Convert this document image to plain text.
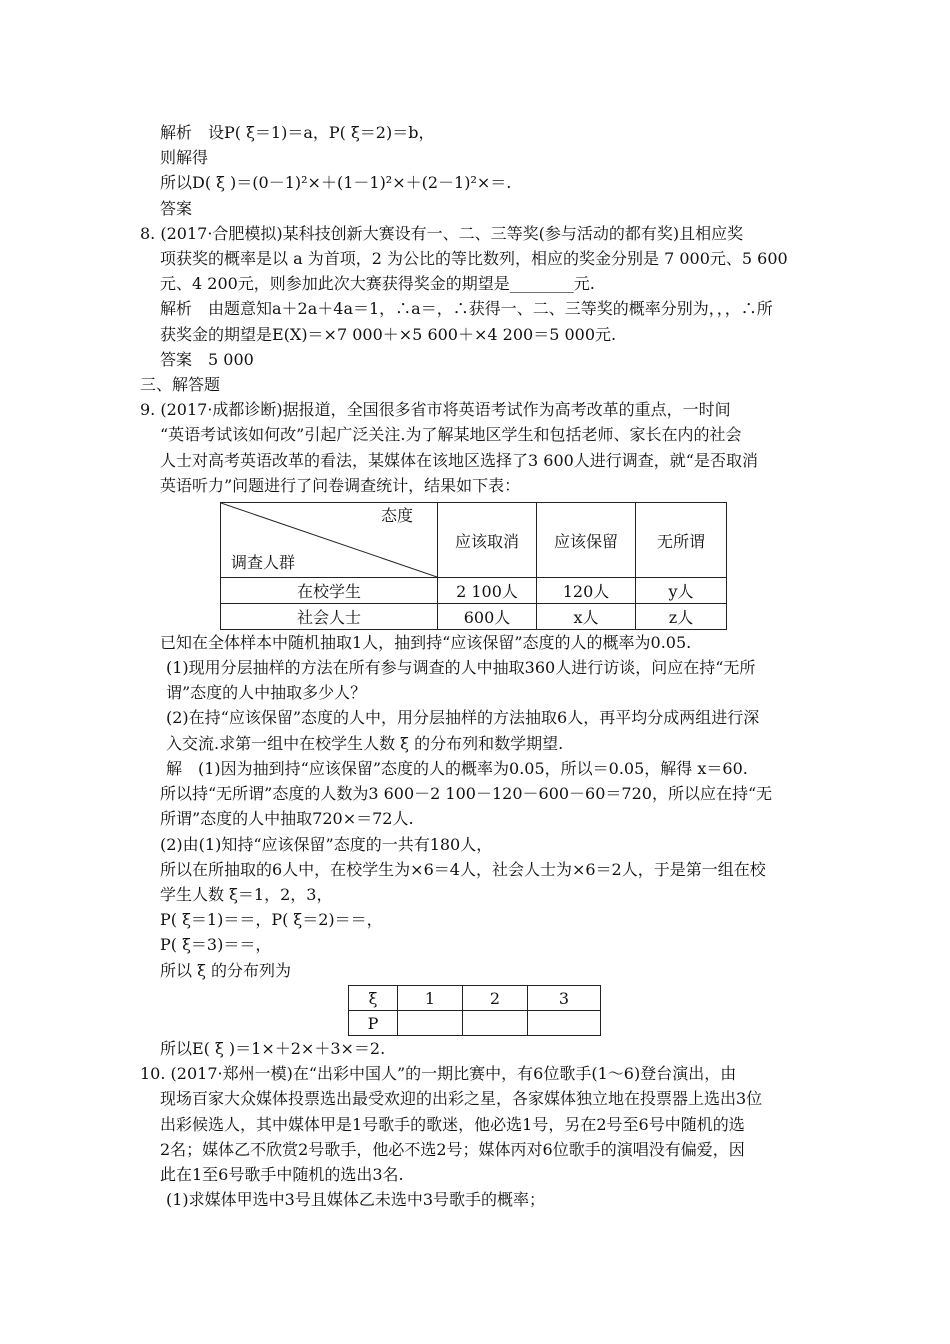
解析　设P( ξ＝1)＝a，P( ξ＝2)＝b，
则解得
所以D( ξ )＝(0－1)²×＋(1－1)²×＋(2－1)²×＝.
答案
8. (2017·合肥模拟)某科技创新大赛设有一、二、三等奖(参与活动的都有奖)且相应奖
项获奖的概率是以 a 为首项，2 为公比的等比数列，相应的奖金分别是 7 000元、5 600
元、4 200元，则参加此次大赛获得奖金的期望是________元.
解析　由题意知a＋2a＋4a＝1，∴a＝，∴获得一、二、三等奖的概率分别为，，，∴所
获奖金的期望是E(X)＝×7 000＋×5 600＋×4 200＝5 000元.
答案　5 000
三、解答题
9. (2017·成都诊断)据报道，全国很多省市将英语考试作为高考改革的重点，一时间
“英语考试该如何改”引起广泛关注.为了解某地区学生和包括老师、家长在内的社会
人士对高考英语改革的看法，某媒体在该地区选择了3 600人进行调查，就“是否取消
英语听力”问题进行了问卷调查统计，结果如下表：
态度
调查人群	应该取消	应该保留	无所谓
在校学生	2 100人	120人	y人
社会人士	600人	x人	z人
已知在全体样本中随机抽取1人，抽到持“应该保留”态度的人的概率为0.05.
(1)现用分层抽样的方法在所有参与调查的人中抽取360人进行访谈，问应在持“无所
谓”态度的人中抽取多少人？
(2)在持“应该保留”态度的人中，用分层抽样的方法抽取6人，再平均分成两组进行深
入交流.求第一组中在校学生人数 ξ 的分布列和数学期望.
解　(1)因为抽到持“应该保留”态度的人的概率为0.05，所以＝0.05，解得 x＝60.
所以持“无所谓”态度的人数为3 600－2 100－120－600－60＝720，所以应在持“无
所谓”态度的人中抽取720×＝72人.
(2)由(1)知持“应该保留”态度的一共有180人，
所以在所抽取的6人中，在校学生为×6＝4人，社会人士为×6＝2人，于是第一组在校
学生人数 ξ＝1，2，3，
P( ξ＝1)＝＝，P( ξ＝2)＝＝，
P( ξ＝3)＝＝，
所以 ξ 的分布列为
ξ	1	2	3
P			
所以E( ξ )＝1×＋2×＋3×＝2.
10. (2017·郑州一模)在“出彩中国人”的一期比赛中，有6位歌手(1～6)登台演出，由
现场百家大众媒体投票选出最受欢迎的出彩之星，各家媒体独立地在投票器上选出3位
出彩候选人，其中媒体甲是1号歌手的歌迷，他必选1号，另在2号至6号中随机的选
2名；媒体乙不欣赏2号歌手，他必不选2号；媒体丙对6位歌手的演唱没有偏爱，因
此在1至6号歌手中随机的选出3名.
(1)求媒体甲选中3号且媒体乙未选中3号歌手的概率；
